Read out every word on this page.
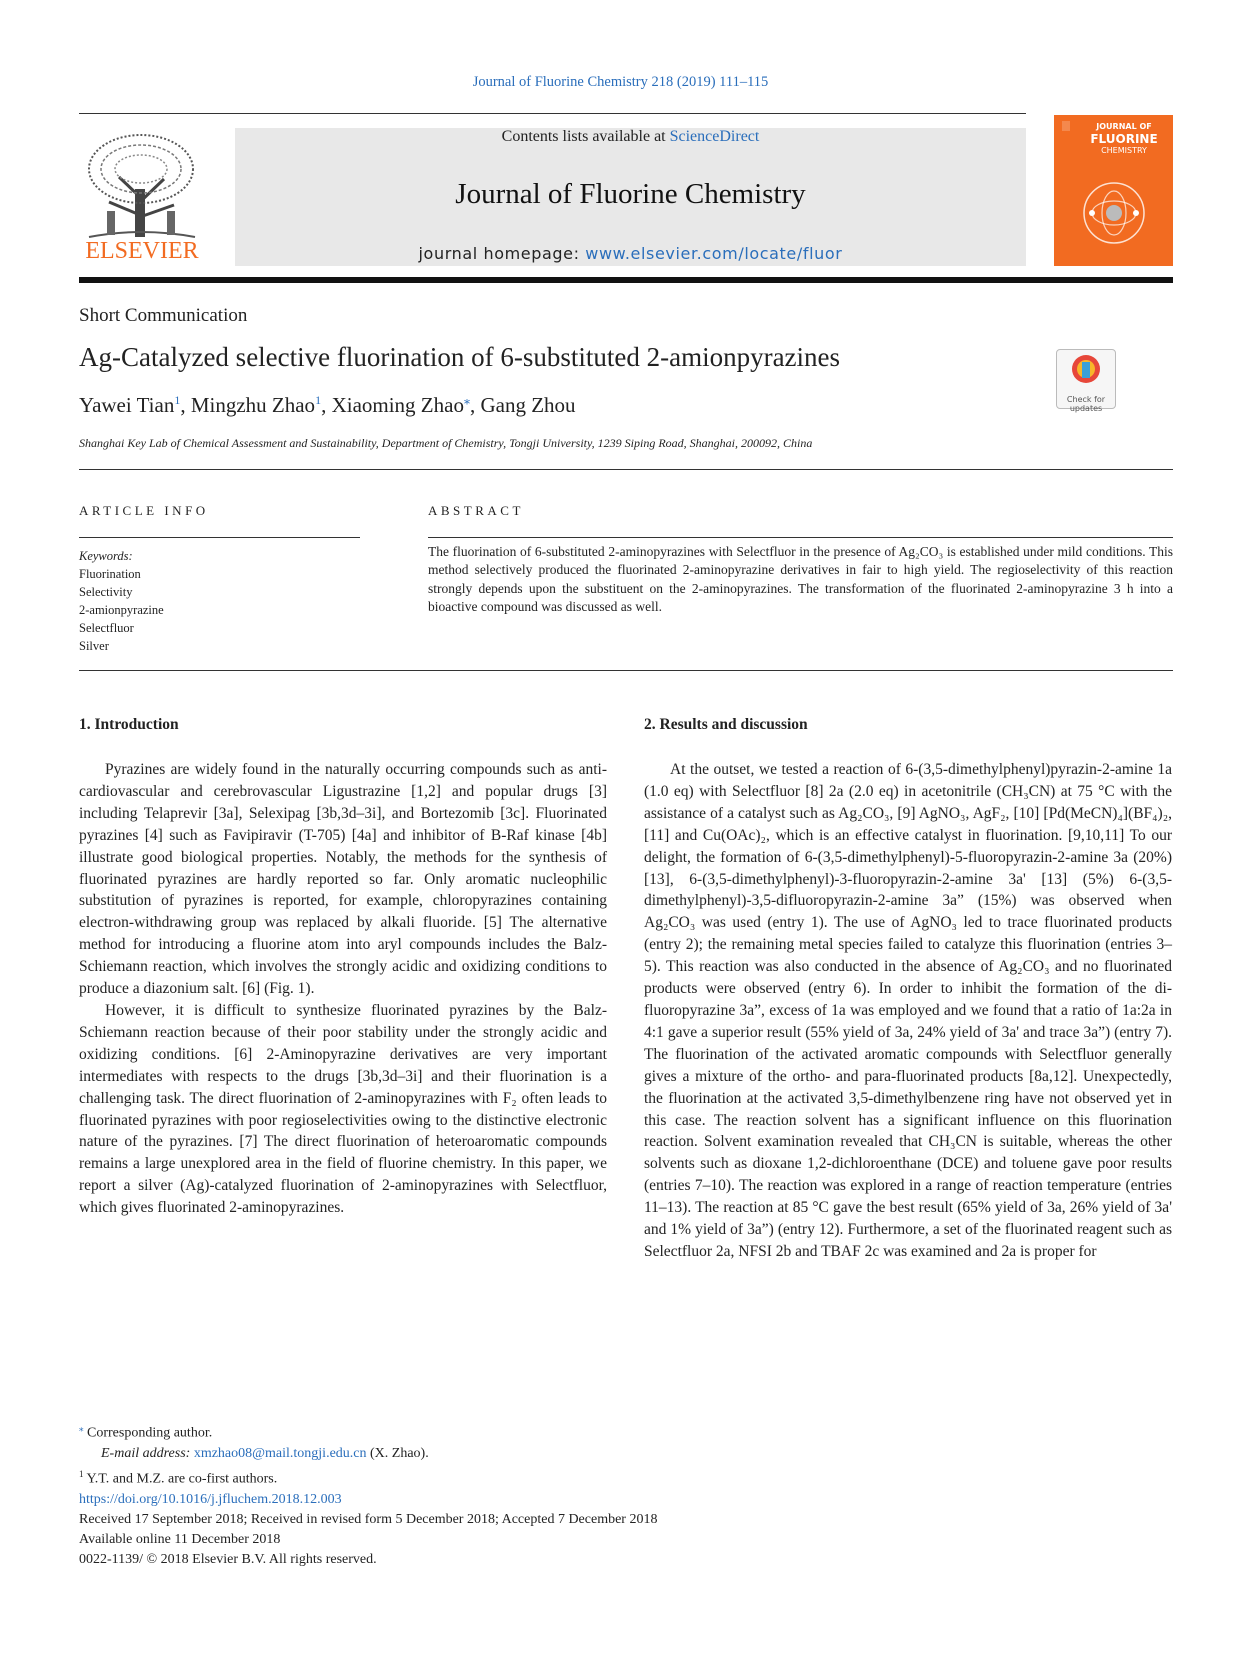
Journal of Fluorine Chemistry 218 (2019) 111–115
ELSEVIER
Contents lists available at ScienceDirect
Journal of Fluorine Chemistry
journal homepage: www.elsevier.com/locate/fluor
JOURNAL OF
FLUORINE
CHEMISTRY
Short Communication
Ag-Catalyzed selective fluorination of 6-substituted 2-amionpyrazines
Check for updates
Yawei Tian$^1$, Mingzhu Zhao$^1$, Xiaoming Zhao⁎, Gang Zhou
Shanghai Key Lab of Chemical Assessment and Sustainability, Department of Chemistry, Tongji University, 1239 Siping Road, Shanghai, 200092, China
ARTICLE INFO	ABSTRACT
Keywords:
Fluorination
Selectivity
2-amionpyrazine
Selectfluor
Silver
The fluorination of 6-substituted 2-aminopyrazines with Selectfluor in the presence of Ag₂CO₃ is established under mild conditions. This method selectively produced the fluorinated 2-aminopyrazine derivatives in fair to high yield. The regioselectivity of this reaction strongly depends upon the substituent on the 2-aminopyrazines. The transformation of the fluorinated 2-aminopyrazine 3 h into a bioactive compound was discussed as well.
1. Introduction

Pyrazines are widely found in the naturally occurring compounds such as anti-cardiovascular and cerebrovascular Ligustrazine [1,2] and popular drugs [3] including Telaprevir [3a], Selexipag [3b,3d–3i], and Bortezomib [3c]. Fluorinated pyrazines [4] such as Favipiravir (T-705) [4a] and inhibitor of B-Raf kinase [4b] illustrate good biological properties. Notably, the methods for the synthesis of fluorinated pyrazines are hardly reported so far. Only aromatic nucleophilic substitution of pyrazines is reported, for example, chloropyrazines containing electron-withdrawing group was replaced by alkali fluoride. [5] The alternative method for introducing a fluorine atom into aryl compounds includes the Balz-Schiemann reaction, which involves the strongly acidic and oxidizing conditions to produce a diazonium salt. [6] (Fig. 1).

However, it is difficult to synthesize fluorinated pyrazines by the Balz-Schiemann reaction because of their poor stability under the strongly acidic and oxidizing conditions. [6] 2-Aminopyrazine derivatives are very important intermediates with respects to the drugs [3b,3d–3i] and their fluorination is a challenging task. The direct fluorination of 2-aminopyrazines with F₂ often leads to fluorinated pyrazines with poor regioselectivities owing to the distinctive electronic nature of the pyrazines. [7] The direct fluorination of heteroaromatic compounds remains a large unexplored area in the field of fluorine chemistry. In this paper, we report a silver (Ag)-catalyzed fluorination of 2-aminopyrazines with Selectfluor, which gives fluorinated 2-aminopyrazines.

2. Results and discussion

At the outset, we tested a reaction of 6-(3,5-dimethylphenyl)pyrazin-2-amine 1a (1.0 eq) with Selectfluor [8] 2a (2.0 eq) in acetonitrile (CH₃CN) at 75 °C with the assistance of a catalyst such as Ag₂CO₃, [9] AgNO₃, AgF₂, [10] [Pd(MeCN)₄](BF₄)₂, [11] and Cu(OAc)₂, which is an effective catalyst in fluorination. [9,10,11] To our delight, the formation of 6-(3,5-dimethylphenyl)-5-fluoropyrazin-2-amine 3a (20%) [13], 6-(3,5-dimethylphenyl)-3-fluoropyrazin-2-amine 3a' [13] (5%) 6-(3,5-dimethylphenyl)-3,5-difluoropyrazin-2-amine 3a” (15%) was observed when Ag₂CO₃ was used (entry 1). The use of AgNO₃ led to trace fluorinated products (entry 2); the remaining metal species failed to catalyze this fluorination (entries 3–5). This reaction was also conducted in the absence of Ag₂CO₃ and no fluorinated products were observed (entry 6). In order to inhibit the formation of the di-fluoropyrazine 3a”, excess of 1a was employed and we found that a ratio of 1a:2a in 4:1 gave a superior result (55% yield of 3a, 24% yield of 3a' and trace 3a”) (entry 7). The fluorination of the activated aromatic compounds with Selectfluor generally gives a mixture of the ortho- and para-fluorinated products [8a,12]. Unexpectedly, the fluorination at the activated 3,5-dimethylbenzene ring have not observed yet in this case. The reaction solvent has a significant influence on this fluorination reaction. Solvent examination revealed that CH₃CN is suitable, whereas the other solvents such as dioxane 1,2-dichloroenthane (DCE) and toluene gave poor results (entries 7–10). The reaction was explored in a range of reaction temperature (entries 11–13). The reaction at 85 °C gave the best result (65% yield of 3a, 26% yield of 3a' and 1% yield of 3a”) (entry 12). Furthermore, a set of the fluorinated reagent such as Selectfluor 2a, NFSI 2b and TBAF 2c was examined and 2a is proper for

⁎ Corresponding author.
E-mail address: xmzhao08@mail.tongji.edu.cn (X. Zhao).
$^1$ Y.T. and M.Z. are co-first authors.
https://doi.org/10.1016/j.jfluchem.2018.12.003
Received 17 September 2018; Received in revised form 5 December 2018; Accepted 7 December 2018
Available online 11 December 2018
0022-1139/ © 2018 Elsevier B.V. All rights reserved.
